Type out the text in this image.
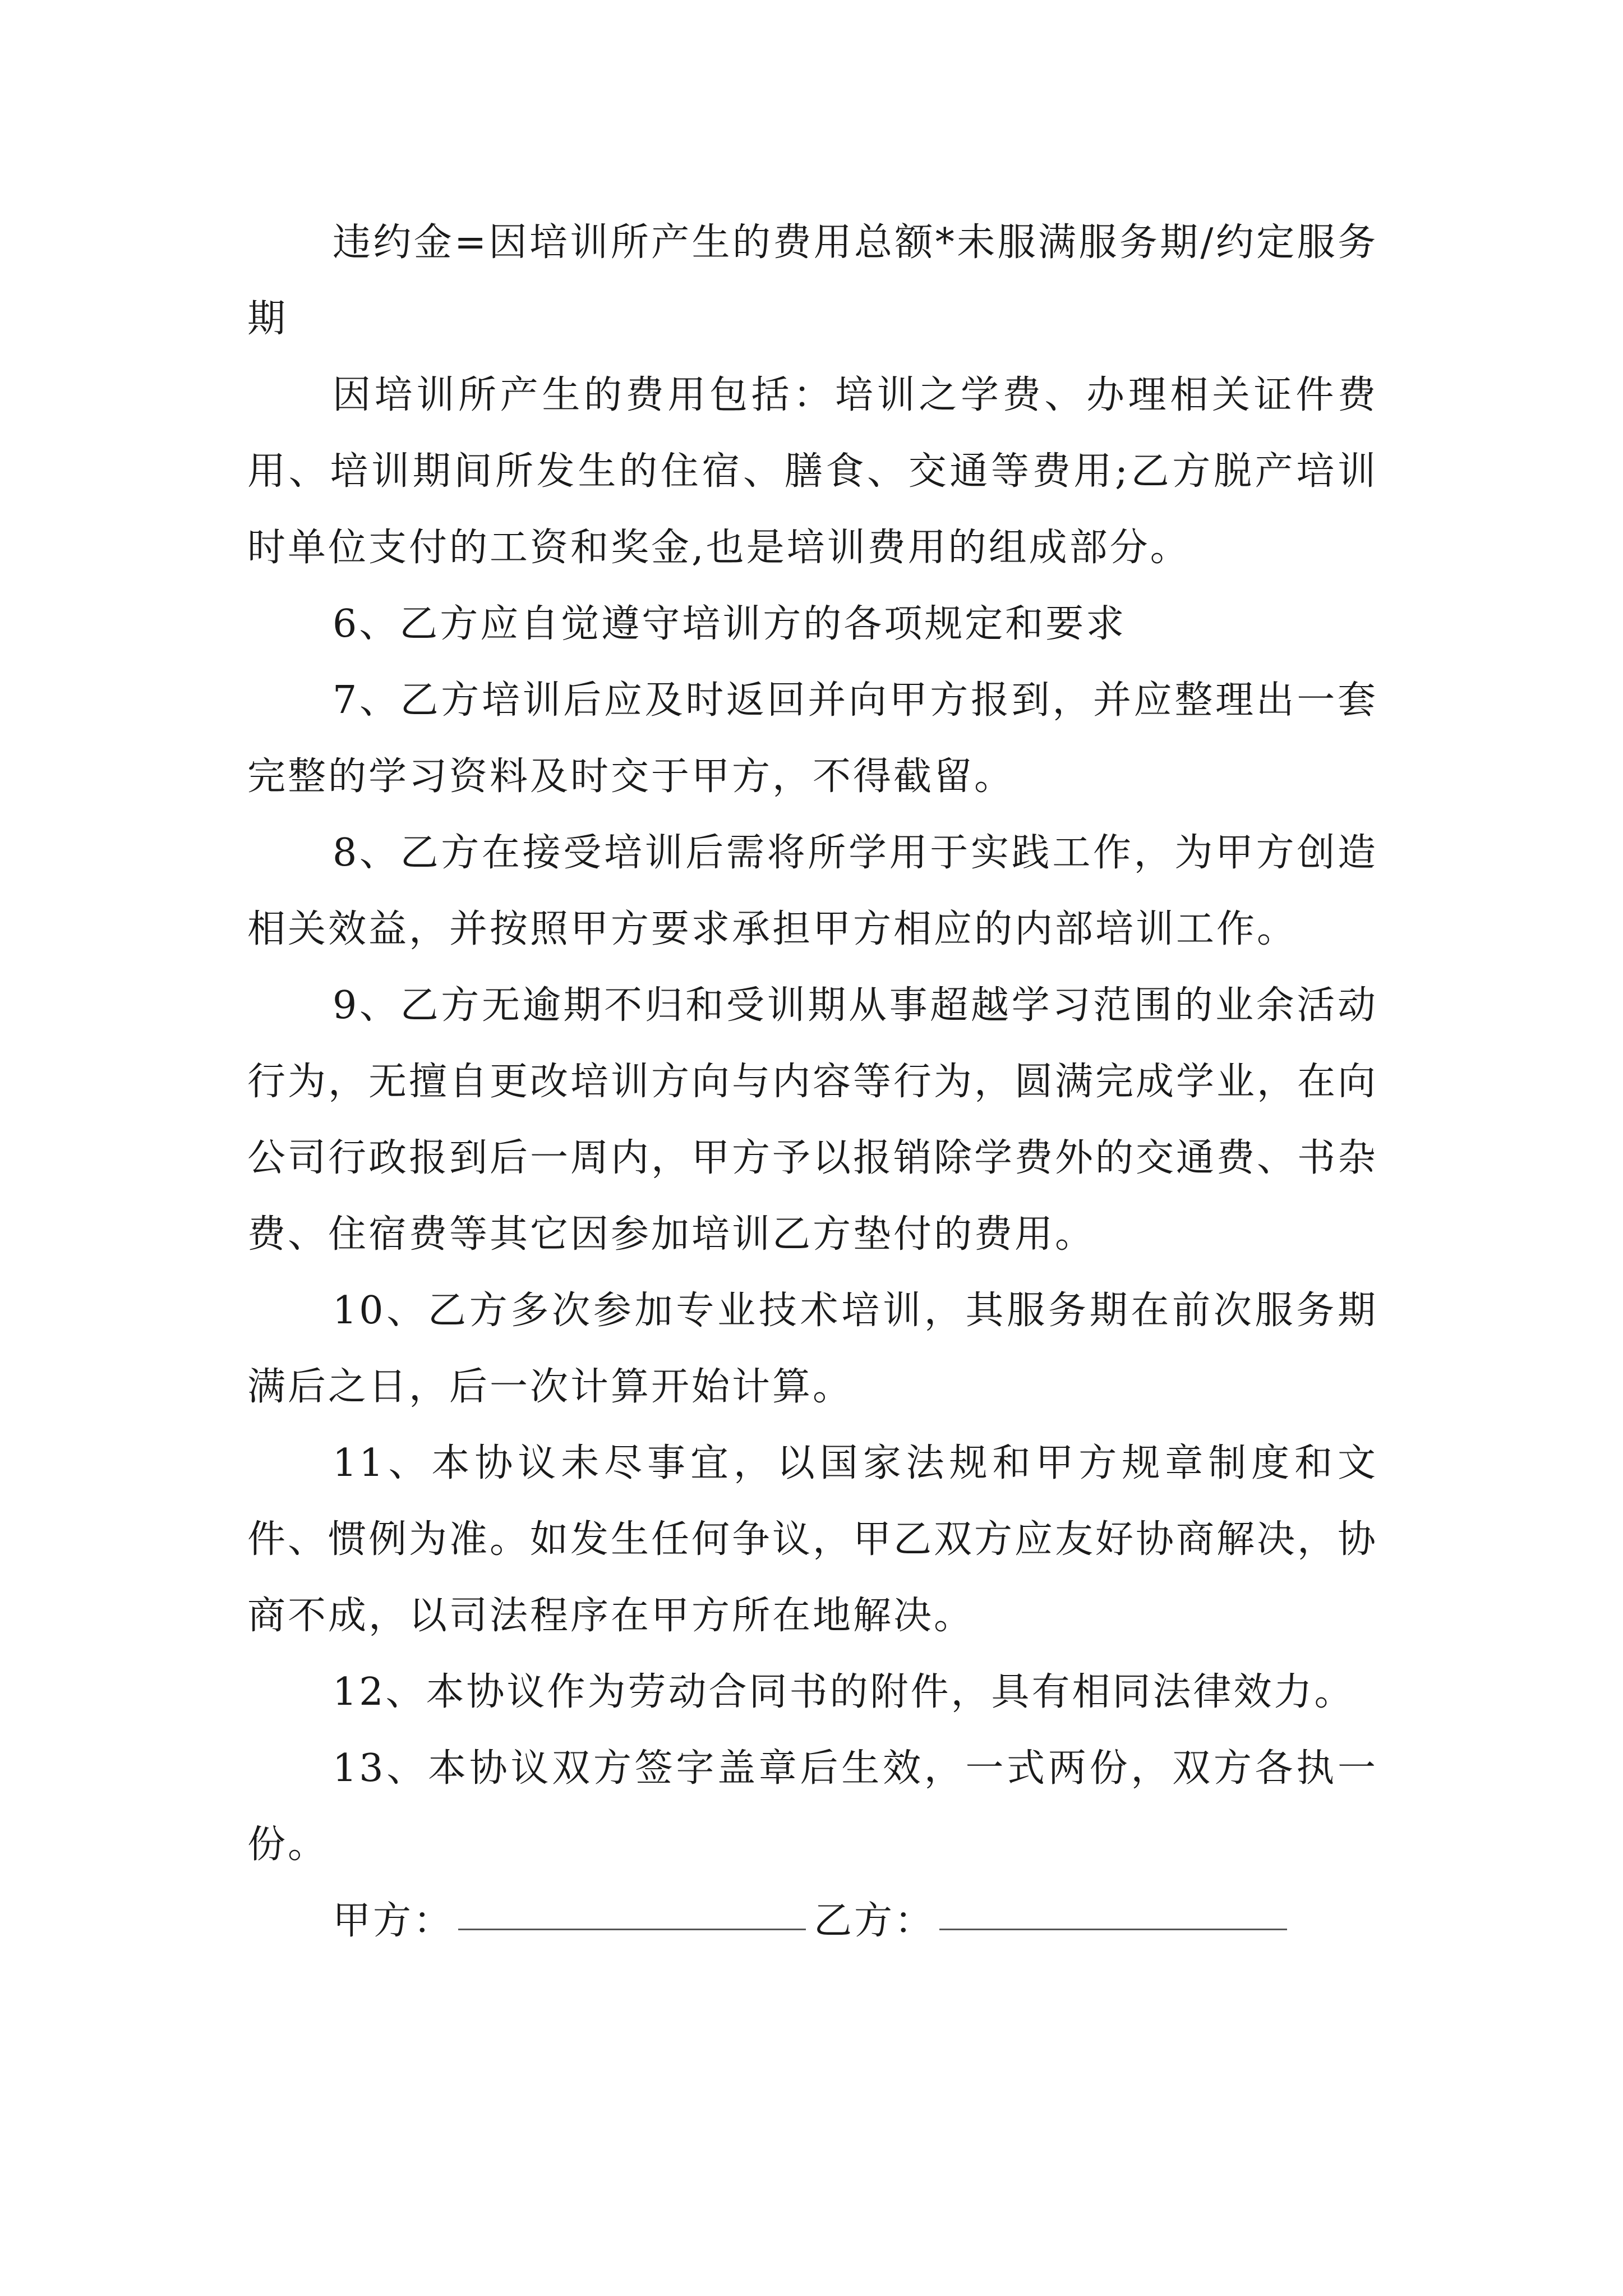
违约金=因培训所产生的费用总额*未服满服务期/约定服务期

因培训所产生的费用包括：培训之学费、办理相关证件费用、培训期间所发生的住宿、膳食、交通等费用;乙方脱产培训时单位支付的工资和奖金,也是培训费用的组成部分。

6、乙方应自觉遵守培训方的各项规定和要求

7、乙方培训后应及时返回并向甲方报到，并应整理出一套完整的学习资料及时交于甲方，不得截留。

8、乙方在接受培训后需将所学用于实践工作，为甲方创造相关效益，并按照甲方要求承担甲方相应的内部培训工作。

9、乙方无逾期不归和受训期从事超越学习范围的业余活动行为，无擅自更改培训方向与内容等行为，圆满完成学业，在向公司行政报到后一周内，甲方予以报销除学费外的交通费、书杂费、住宿费等其它因参加培训乙方垫付的费用。

10、乙方多次参加专业技术培训，其服务期在前次服务期满后之日，后一次计算开始计算。

11、本协议未尽事宜，以国家法规和甲方规章制度和文件、惯例为准。如发生任何争议，甲乙双方应友好协商解决，协商不成，以司法程序在甲方所在地解决。

12、本协议作为劳动合同书的附件，具有相同法律效力。

13、本协议双方签字盖章后生效，一式两份，双方各执一份。

甲方：	乙方：
